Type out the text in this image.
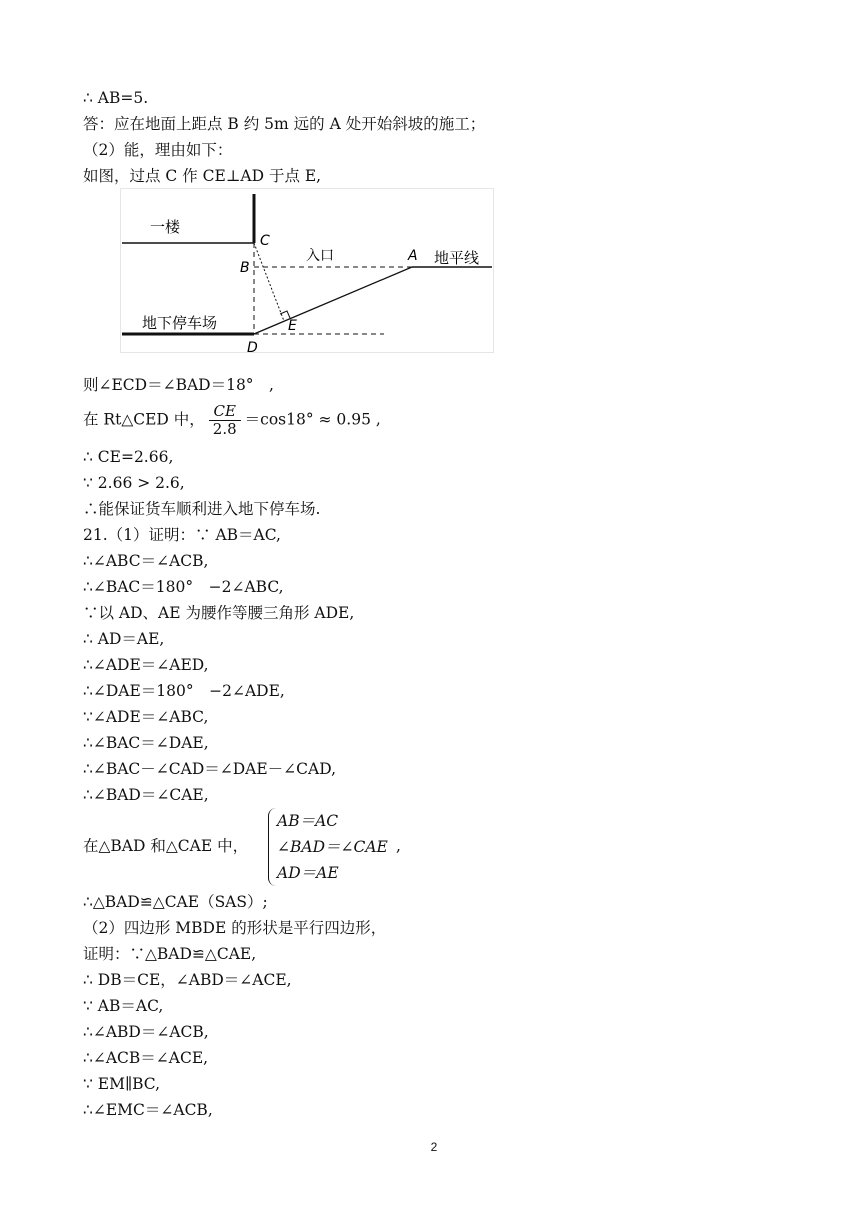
∴ AB=5.
答：应在地面上距点 B 约 5m 远的 A 处开始斜坡的施工；
（2）能，理由如下：
如图，过点 C 作 CE⊥AD 于点 E,
一楼
入口	地平线
地下停车场
C
B
A
D
E
则∠ECD＝∠BAD＝18°　,
在 Rt△CED 中， $\frac{CE}{2.8} =\cos 18^\circ \approx 0.95$ ,
∴ CE=2.66,
∵ 2.66 > 2.6,
∴能保证货车顺利进入地下停车场.
21.（1）证明：∵ AB＝AC,
∴∠ABC＝∠ACB,
∴∠BAC＝180°　−2∠ABC,
∵以 AD、AE 为腰作等腰三角形 ADE,
∴ AD＝AE,
∴∠ADE＝∠AED,
∴∠DAE＝180°　−2∠ADE,
∵∠ADE＝∠ABC,
∴∠BAC＝∠DAE,
∴∠BAC－∠CAD＝∠DAE－∠CAD,
∴∠BAD＝∠CAE,
在△BAD 和△CAE 中，
AB＝AC
∠BAD＝∠CAE
AD＝AE
,
∴△BAD≌△CAE（SAS）;
（2）四边形 MBDE 的形状是平行四边形，
证明：∵△BAD≌△CAE,
∴ DB＝CE，∠ABD＝∠ACE,
∵ AB＝AC,
∴∠ABD＝∠ACB,
∴∠ACB＝∠ACE,
∵ EM∥BC,
∴∠EMC＝∠ACB,
2
